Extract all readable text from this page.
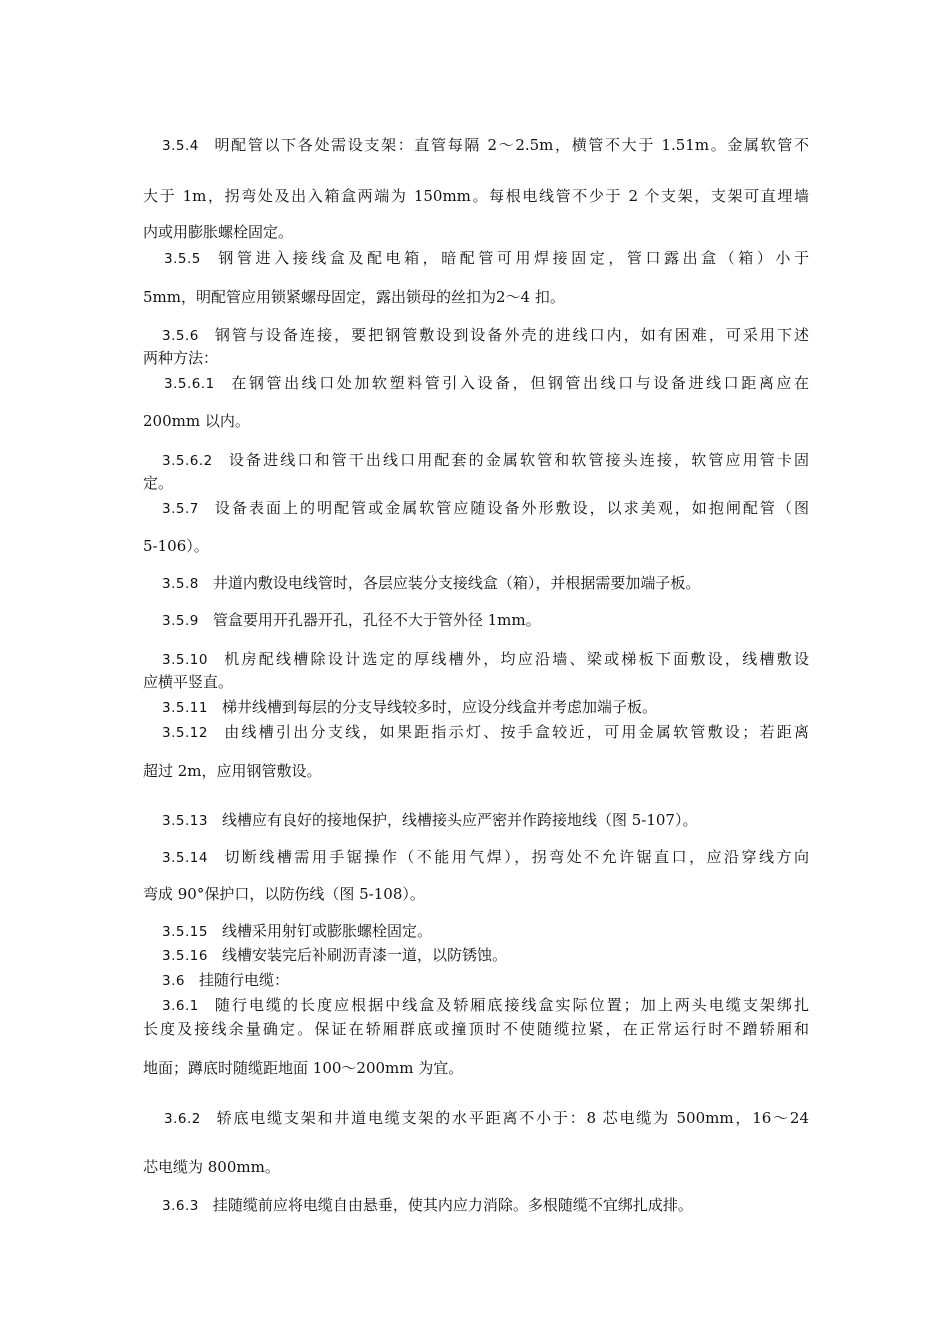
3.5.4 明配管以下各处需设支架：直管每隔 2～2.5m，横管不大于 1.51m。金属软管不
大于 1m，拐弯处及出入箱盒两端为 150mm。每根电线管不少于 2 个支架，支架可直埋墙
内或用膨胀螺栓固定。
3.5.5 钢管进入接线盒及配电箱，暗配管可用焊接固定，管口露出盒（箱）小于
5mm，明配管应用锁紧螺母固定，露出锁母的丝扣为2～4 扣。
3.5.6 钢管与设备连接，要把钢管敷设到设备外壳的进线口内，如有困难，可采用下述
两种方法：
3.5.6.1 在钢管出线口处加软塑料管引入设备，但钢管出线口与设备进线口距离应在
200mm 以内。
3.5.6.2 设备进线口和管干出线口用配套的金属软管和软管接头连接，软管应用管卡固
定。
3.5.7 设备表面上的明配管或金属软管应随设备外形敷设，以求美观，如抱闸配管（图
5-106）。
3.5.8 井道内敷设电线管时，各层应装分支接线盒（箱），并根据需要加端子板。
3.5.9 管盒要用开孔器开孔，孔径不大于管外径 1mm。
3.5.10 机房配线槽除设计选定的厚线槽外，均应沿墙、梁或梯板下面敷设，线槽敷设
应横平竖直。
3.5.11 梯井线槽到每层的分支导线较多时，应设分线盒并考虑加端子板。
3.5.12 由线槽引出分支线，如果距指示灯、按手盒较近，可用金属软管敷设；若距离
超过 2m，应用钢管敷设。
3.5.13 线槽应有良好的接地保护，线槽接头应严密并作跨接地线（图 5-107）。
3.5.14 切断线槽需用手锯操作（不能用气焊），拐弯处不允许锯直口，应沿穿线方向
弯成 90°保护口，以防伤线（图 5-108）。
3.5.15 线槽采用射钉或膨胀螺栓固定。
3.5.16 线槽安装完后补刷沥青漆一道，以防锈蚀。
3.6 挂随行电缆：
3.6.1 随行电缆的长度应根据中线盒及轿厢底接线盒实际位置；加上两头电缆支架绑扎
长度及接线余量确定。保证在轿厢群底或撞顶时不使随缆拉紧，在正常运行时不蹭轿厢和
地面；蹲底时随缆距地面 100～200mm 为宜。
3.6.2 轿底电缆支架和井道电缆支架的水平距离不小于：8 芯电缆为 500mm，16～24
芯电缆为 800mm。
3.6.3 挂随缆前应将电缆自由悬垂，使其内应力消除。多根随缆不宜绑扎成排。
